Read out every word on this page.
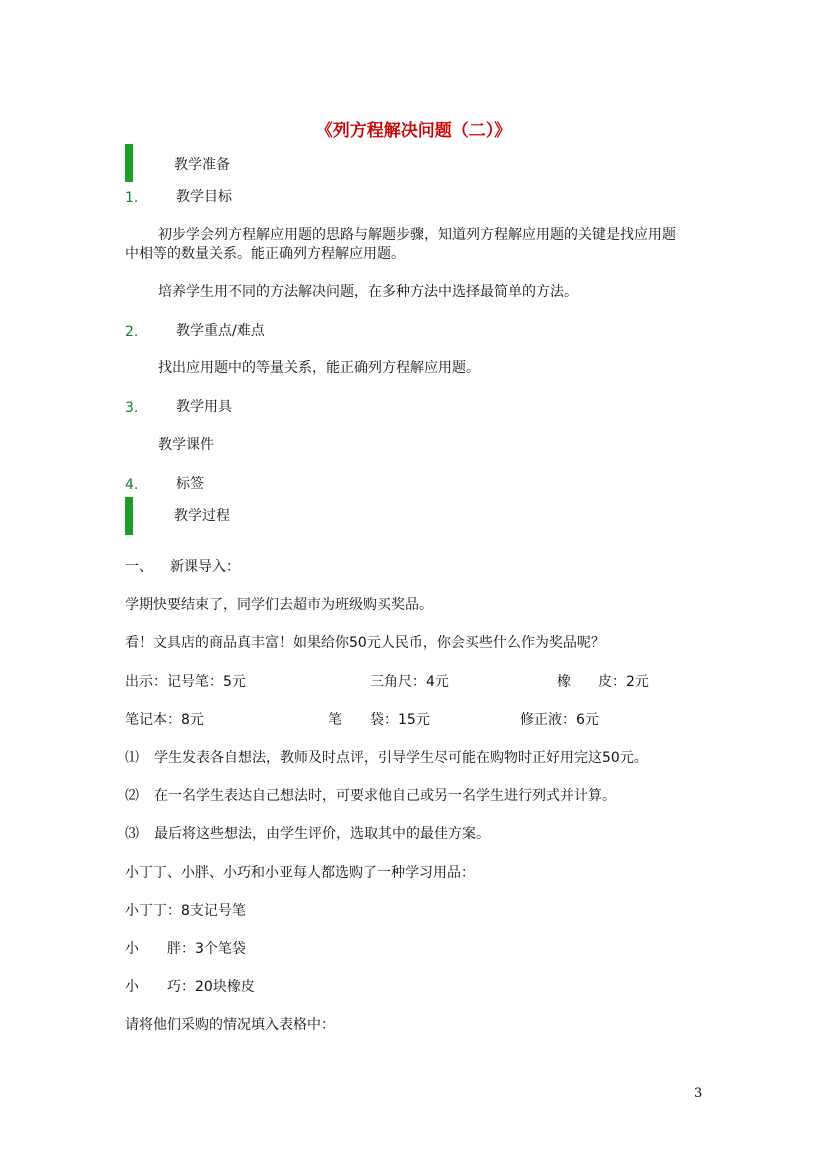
《列方程解决问题（二）》
教学准备
1.	教学目标
初步学会列方程解应用题的思路与解题步骤，知道列方程解应用题的关键是找应用题
中相等的数量关系。能正确列方程解应用题。
培养学生用不同的方法解决问题，在多种方法中选择最简单的方法。
2.	教学重点/难点
找出应用题中的等量关系，能正确列方程解应用题。
3.	教学用具
教学课件
4.	标签
教学过程
一、 新课导入：
学期快要结束了，同学们去超市为班级购买奖品。
看！文具店的商品真丰富！如果给你50元人民币，你会买些什么作为奖品呢？
出示：记号笔：5元	三角尺：4元	橡 皮：2元
笔记本：8元	笔 袋：15元	修正液：6元
⑴ 学生发表各自想法，教师及时点评，引导学生尽可能在购物时正好用完这50元。
⑵ 在一名学生表达自己想法时，可要求他自己或另一名学生进行列式并计算。
⑶ 最后将这些想法，由学生评价，选取其中的最佳方案。
小丁丁、小胖、小巧和小亚每人都选购了一种学习用品：
小丁丁：8支记号笔
小 胖：3个笔袋
小 巧：20块橡皮
请将他们采购的情况填入表格中：
3
